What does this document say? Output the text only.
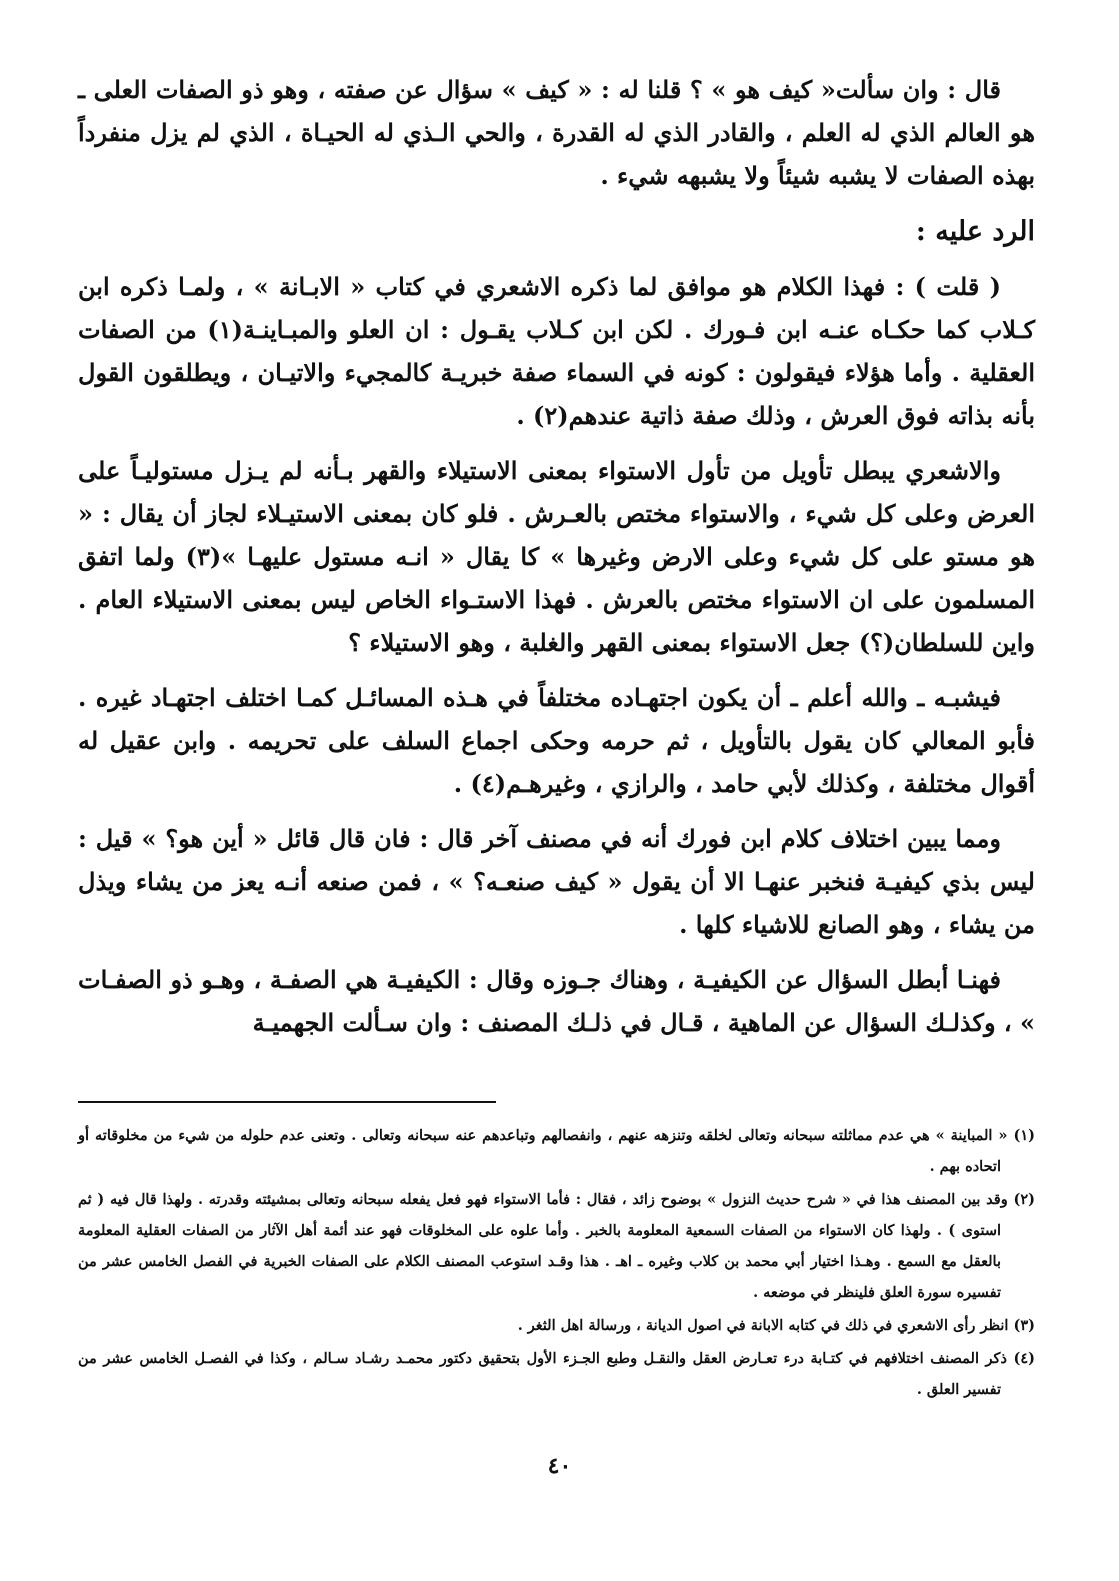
قال : وان سألت« كيف هو » ؟ قلنا له : « كيف » سؤال عن صفته ، وهو ذو الصفات العلى ـ هو العالم الذي له العلم ، والقادر الذي له القدرة ، والحي الـذي له الحيـاة ، الذي لم يزل منفرداً بهذه الصفات لا يشبه شيئاً ولا يشبهه شيء .

الرد عليه :

( قلت ) : فهذا الكلام هو موافق لما ذكره الاشعري في كتاب « الابـانة » ، ولمـا ذكره ابن كـلاب كما حكـاه عنـه ابن فـورك . لكن ابن كـلاب يقـول : ان العلو والمبـاينـة(١) من الصفات العقلية . وأما هؤلاء فيقولون : كونه في السماء صفة خبريـة كالمجيء والاتيـان ، ويطلقون القول بأنه بذاته فوق العرش ، وذلك صفة ذاتية عندهم(٢) .

والاشعري يبطل تأويل من تأول الاستواء بمعنى الاستيلاء والقهر بـأنه لم يـزل مستوليـاً على العرض وعلى كل شيء ، والاستواء مختص بالعـرش . فلو كان بمعنى الاستيـلاء لجاز أن يقال : « هو مستو على كل شيء وعلى الارض وغيرها » كا يقال « انـه مستول عليهـا »(٣) ولما اتفق المسلمون على ان الاستواء مختص بالعرش . فهذا الاستـواء الخاص ليس بمعنى الاستيلاء العام . واين للسلطان(؟) جعل الاستواء بمعنى القهر والغلبة ، وهو الاستيلاء ؟

فيشبـه ـ والله أعلم ـ أن يكون اجتهـاده مختلفاً في هـذه المسائـل كمـا اختلف اجتهـاد غيره . فأبو المعالي كان يقول بالتأويل ، ثم حرمه وحكى اجماع السلف على تحريمه . وابن عقيل له أقوال مختلفة ، وكذلك لأبي حامد ، والرازي ، وغيرهـم(٤) .

ومما يبين اختلاف كلام ابن فورك أنه في مصنف آخر قال : فان قال قائل « أين هو؟ » قيل : ليس بذي كيفيـة فنخبر عنهـا الا أن يقول « كيف صنعـه؟ » ، فمن صنعه أنـه يعز من يشاء ويذل من يشاء ، وهو الصانع للاشياء كلها .

فهنـا أبطل السؤال عن الكيفيـة ، وهناك جـوزه وقال : الكيفيـة هي الصفـة ، وهـو ذو الصفـات » ، وكذلـك السؤال عن الماهية ، قـال في ذلـك المصنف : وان سـألت الجهميـة

(١) « المباينة » هي عدم مماثلته سبحانه وتعالى لخلقه وتنزهه عنهم ، وانفصالهم وتباعدهم عنه سبحانه وتعالى . وتعنى عدم حلوله من شيء من مخلوقاته أو اتحاده بهم .

(٢) وقد بين المصنف هذا في « شرح حديث النزول » بوضوح زائد ، فقال : فأما الاستواء فهو فعل يفعله سبحانه وتعالى بمشيئته وقدرته . ولهذا قال فيه ( ثم استوى ) . ولهذا كان الاستواء من الصفات السمعية المعلومة بالخبر . وأما علوه على المخلوقات فهو عند أئمة أهل الآثار من الصفات العقلية المعلومة بالعقل مع السمع . وهـذا اختيار أبي محمد بن كلاب وغيره ـ اهـ . هذا وقـد استوعب المصنف الكلام على الصفات الخبرية في الفصل الخامس عشر من تفسيره سورة العلق فلينظر في موضعه .

(٣) انظر رأى الاشعري في ذلك في كتابه الابانة في اصول الديانة ، ورسالة اهل الثغر .

(٤) ذكر المصنف اختلافهم في كتـابة درء تعـارض العقل والنقـل وطبع الجـزء الأول بتحقيق دكتور محمـد رشـاد سـالم ، وكذا في الفصـل الخامس عشر من تفسير العلق .

٤٠
